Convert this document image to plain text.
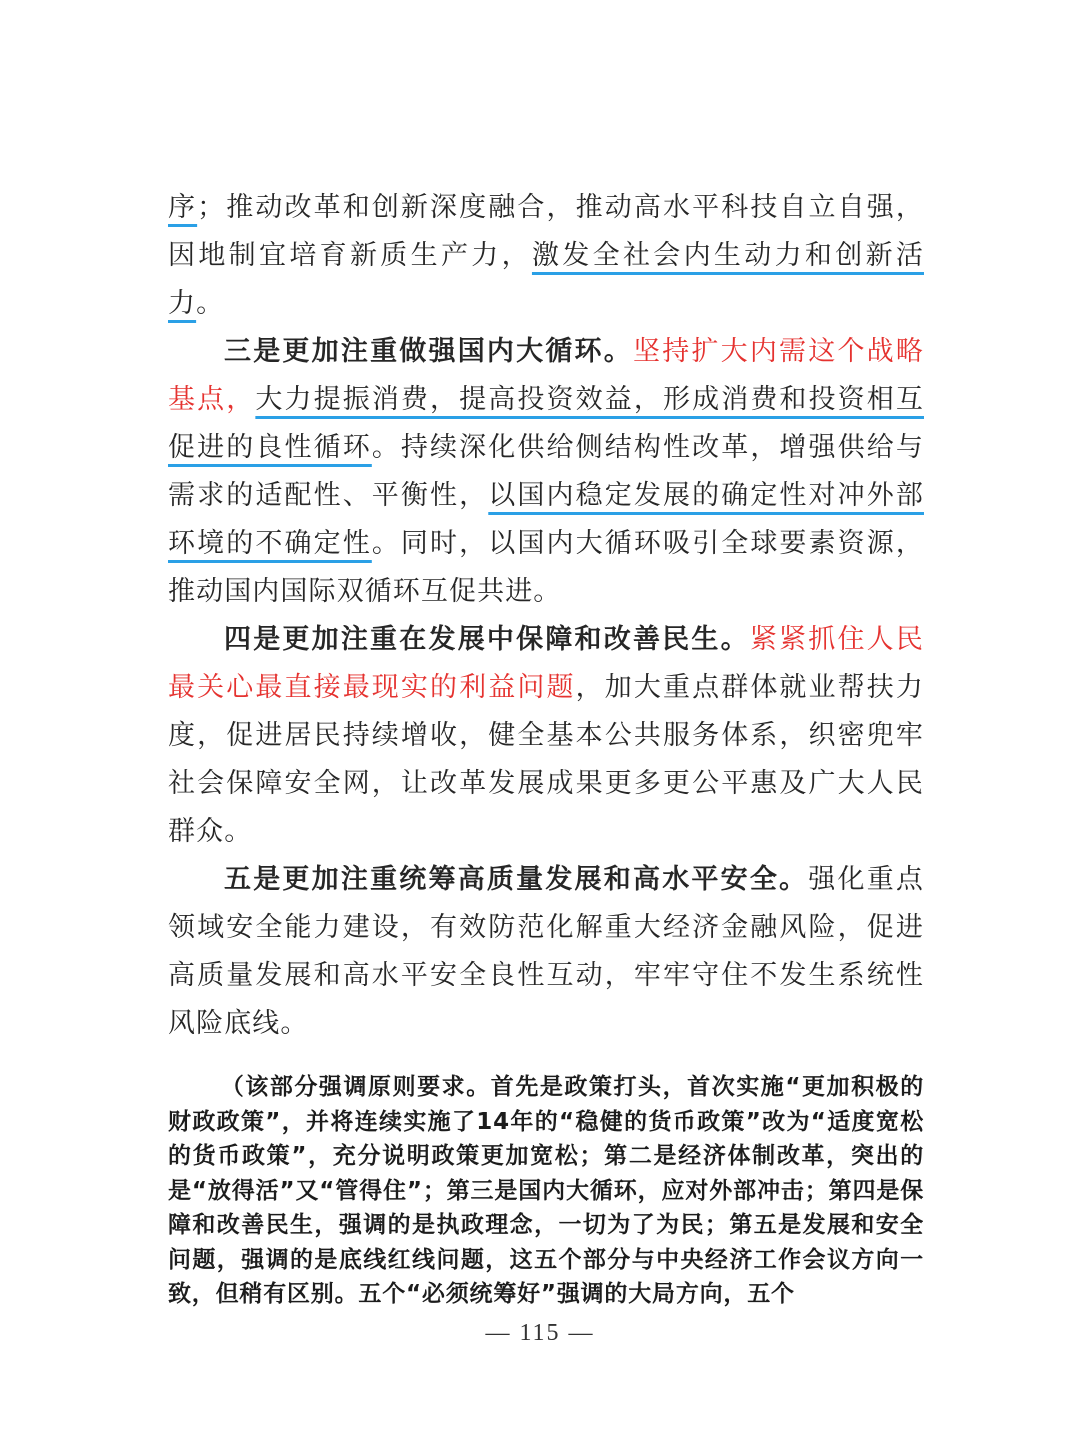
序；推动改革和创新深度融合，推动高水平科技自立自强，因地制宜培育新质生产力，激发全社会内生动力和创新活力。

三是更加注重做强国内大循环。坚持扩大内需这个战略基点，大力提振消费，提高投资效益，形成消费和投资相互促进的良性循环。持续深化供给侧结构性改革，增强供给与需求的适配性、平衡性，以国内稳定发展的确定性对冲外部环境的不确定性。同时，以国内大循环吸引全球要素资源，推动国内国际双循环互促共进。

四是更加注重在发展中保障和改善民生。紧紧抓住人民最关心最直接最现实的利益问题，加大重点群体就业帮扶力度，促进居民持续增收，健全基本公共服务体系，织密兜牢社会保障安全网，让改革发展成果更多更公平惠及广大人民群众。

五是更加注重统筹高质量发展和高水平安全。强化重点领域安全能力建设，有效防范化解重大经济金融风险，促进高质量发展和高水平安全良性互动，牢牢守住不发生系统性风险底线。

（该部分强调原则要求。首先是政策打头，首次实施“更加积极的财政政策”，并将连续实施了14年的“稳健的货币政策”改为“适度宽松的货币政策”，充分说明政策更加宽松；第二是经济体制改革，突出的是“放得活”又“管得住”；第三是国内大循环，应对外部冲击；第四是保障和改善民生，强调的是执政理念，一切为了为民；第五是发展和安全问题，强调的是底线红线问题，这五个部分与中央经济工作会议方向一致，但稍有区别。五个“必须统筹好”强调的大局方向，五个

— 115 —
